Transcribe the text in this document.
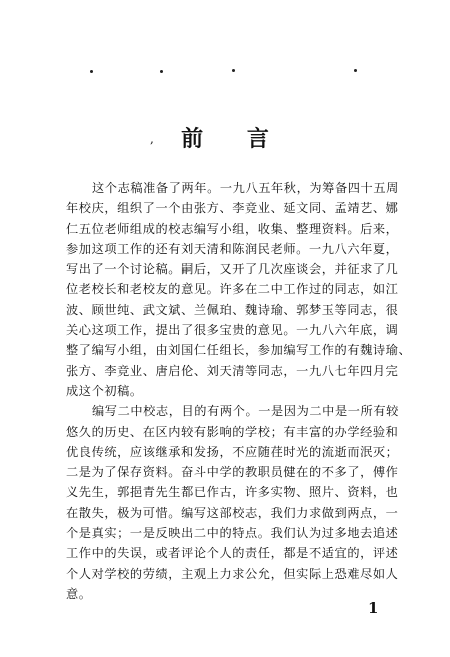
,	前 言
这个志稿准备了两年。一九八五年秋，为筹备四十五周
年校庆，组织了一个由张方、李竞业、延文同、孟靖艺、娜
仁五位老师组成的校志编写小组，收集、整理资料。后来，
参加这项工作的还有刘天清和陈润民老师。一九八六年夏，
写出了一个讨论稿。嗣后，又开了几次座谈会，并征求了几
位老校长和老校友的意见。许多在二中工作过的同志，如江
波、顾世纯、武文斌、兰佩珀、魏诗瑜、郭梦玉等同志，很
关心这项工作，提出了很多宝贵的意见。一九八六年底，调
整了编写小组，由刘国仁任组长，参加编写工作的有魏诗瑜、
张方、李竞业、唐启伦、刘天清等同志，一九八七年四月完
成这个初稿。
编写二中校志，目的有两个。一是因为二中是一所有较
悠久的历史、在区内较有影响的学校；有丰富的办学经验和
优良传统，应该继承和发扬，不应随荏时光的流逝而泯灭；
二是为了保存资料。奋斗中学的教职员健在的不多了，傅作
义先生，郭挹青先生都已作古，许多实物、照片、资料，也
在散失，极为可惜。编写这部校志，我们力求做到两点，一
个是真实；一是反映出二中的特点。我们认为过多地去追述
工作中的失误，或者评论个人的责任，都是不适宜的，评述
个人对学校的劳绩，主观上力求公允，但实际上恐难尽如人
意。
1
